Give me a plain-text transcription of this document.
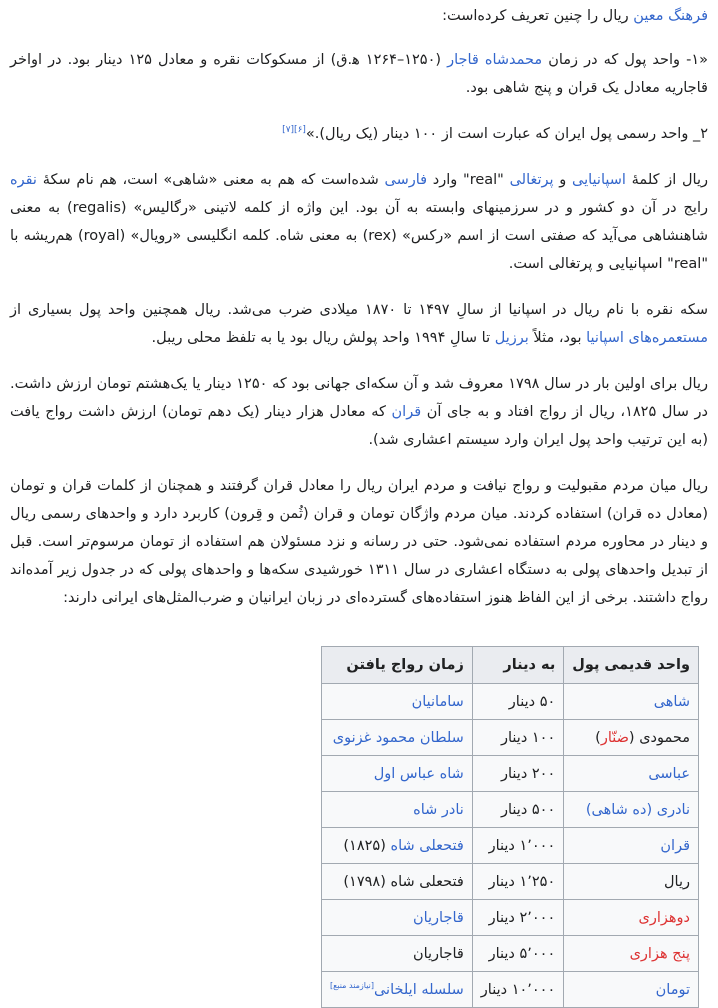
فرهنگ معین ریال را چنین تعریف کرده‌است:

«۱- واحد پول که در زمان محمدشاه قاجار (۱۲۵۰–۱۲۶۴ ﻫ.ق) از مسکوکات نقره و معادل ۱۲۵ دینار بود. در اواخر قاجاریه معادل یک قران و پنج شاهی بود.

۲_ واحد رسمی پول ایران که عبارت است از ۱۰۰ دینار (یک ریال).»[۶][۷]

ریال از کلمهٔ اسپانیایی و پرتغالی "real" وارد فارسی شده‌است که هم به معنی «شاهی» است، هم نام سکهٔ نقره رایج در آن دو کشور و در سرزمینهای وابسته به آن بود. این واژه از کلمه لاتینی «رگالیس» (regalis) به معنی شاهنشاهی می‌آید که صفتی است از اسم «رکس» (rex) به معنی شاه. کلمه انگلیسی «رویال» (royal) هم‌ریشه با "real" اسپانیایی و پرتغالی است.

سکه نقره با نام ریال در اسپانیا از سالِ ۱۴۹۷ تا ۱۸۷۰ میلادی ضرب می‌شد. ریال همچنین واحد پول بسیاری از مستعمره‌های اسپانیا بود، مثلاً برزیل تا سالِ ۱۹۹۴ واحد پولش ریال بود یا به تلفظ محلی ریبل.

ریال برای اولین بار در سال ۱۷۹۸ معروف شد و آن سکه‌ای جهانی بود که ۱۲۵۰ دینار یا یک‌هشتم تومان ارزش داشت. در سال ۱۸۲۵، ریال از رواج افتاد و به جای آن قران که معادل هزار دینار (یک دهم تومان) ارزش داشت رواج یافت (به این ترتیب واحد پول ایران وارد سیستم اعشاری شد).

ریال میان مردم مقبولیت و رواج نیافت و مردم ایران ریال را معادل قران گرفتند و همچنان از کلمات قران و تومان (معادل ده قران) استفاده کردند. میان مردم واژگان تومان و قران (ثُمن و قِرون) کاربرد دارد و واحدهای رسمی ریال و دینار در محاوره مردم استفاده نمی‌شود. حتی در رسانه و نزد مسئولان هم استفاده از تومان مرسوم‌تر است. قبل از تبدیل واحدهای پولی به دستگاه اعشاری در سال ۱۳۱۱ خورشیدی سکه‌ها و واحدهای پولی که در جدول زیر آمده‌اند رواج داشتند. برخی از این الفاظ هنوز استفاده‌های گسترده‌ای در زبان ایرانیان و ضرب‌المثل‌های ایرانی دارند:

واحد قدیمی پول	به دینار	زمان رواج یافتن
شاهی	۵۰ دینار	سامانیان
محمودی (ضنّار)	۱۰۰ دینار	سلطان محمود غزنوی
عباسی	۲۰۰ دینار	شاه عباس اول
نادری (ده شاهی)	۵۰۰ دینار	نادر شاه
قران	۱٬۰۰۰ دینار	فتحعلی شاه (۱۸۲۵)
ریال	۱٬۲۵۰ دینار	فتحعلی شاه (۱۷۹۸)
دوهزاری	۲٬۰۰۰ دینار	قاجاریان
پنج هزاری	۵٬۰۰۰ دینار	قاجاریان
تومان	۱۰٬۰۰۰ دینار	سلسله ایلخانی[نیازمند منبع]
